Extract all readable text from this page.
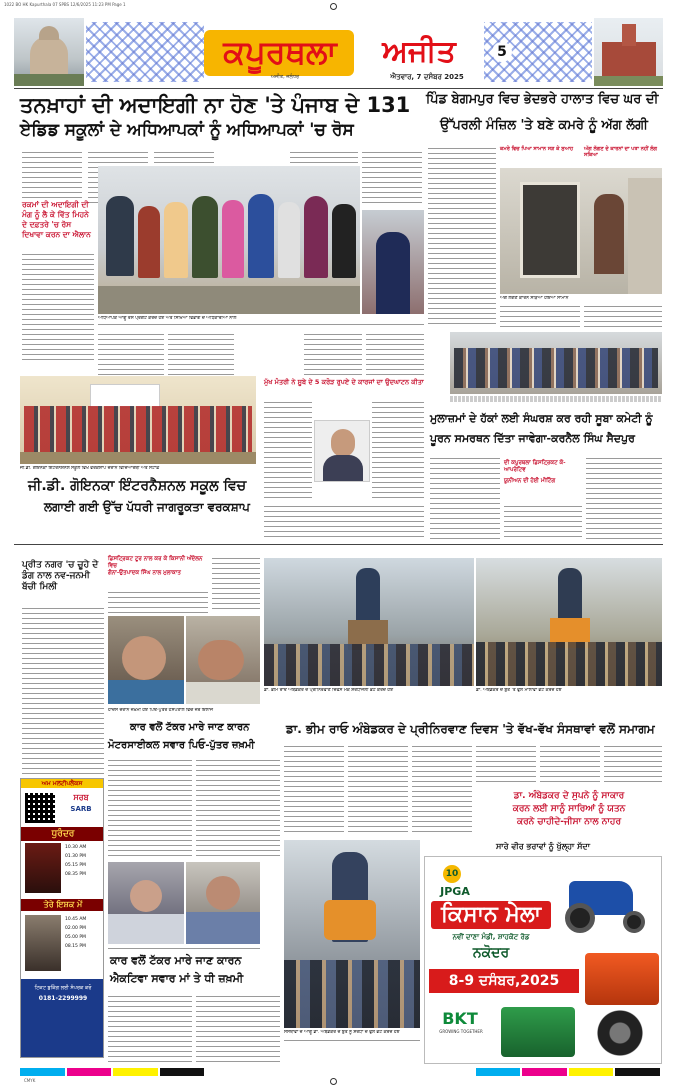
1022 BO HK Kapurthala 07 SPBS 12/6/2025 11:23 PM Page 1
ਕਪੂਰਥਲਾ	ਅਜੀਤ
ਅਜੀਤ, ਜਲੰਧਰ	ਐਤਵਾਰ, 7 ਦਸੰਬਰ 2025
5
ਤਨਖ਼ਾਹਾਂ ਦੀ ਅਦਾਇਗੀ ਨਾ ਹੋਣ 'ਤੇ ਪੰਜਾਬ ਦੇ 131
ਏਡਿਡ ਸਕੂਲਾਂ ਦੇ ਅਧਿਆਪਕਾਂ ਨੂੰ ਅਧਿਆਪਕਾਂ 'ਚ ਰੋਸ
ਰਕਮਾਂ ਦੀ ਅਦਾਇਗੀ ਦੀ ਮੰਗ ਨੂੰ ਲੈ ਕੇ ਵਿੱਤ ਮਿਹਨੇ ਦੇ ਦਫ਼ਤਰੇ 'ਚ ਰੋਸ ਦਿਖਾਵਾ ਕਰਨ ਦਾ ਐਲਾਨ
ਅਧਿਆਪਕ ਆਗੂ ਰੋਸ ਪ੍ਰਗਟ ਕਰਦੇ ਹੋਏ ਅਤੇ ਸਿੱਖਿਆ ਵਿਭਾਗ ਦੇ ਅਧਿਕਾਰੀਆਂ ਨਾਲ
ਜੀ.ਡੀ. ਗੋਇਨਕਾ ਇੰਟਰਨੈਸ਼ਨਲ ਸਕੂਲ ਵਿਖੇ ਵਰਕਸ਼ਾਪ ਦੌਰਾਨ ਵਿਦਿਆਰਥੀ ਅਤੇ ਸਟਾਫ਼
ਮੁੱਖ ਮੰਤਰੀ ਨੇ ਸੂਬੇ ਦੇ 5 ਕਰੋੜ ਰੁਪਏ ਦੇ ਕਾਰਜਾਂ ਦਾ ਉਦਘਾਟਨ ਕੀਤਾ
ਜੀ.ਡੀ. ਗੋਇਨਕਾ ਇੰਟਰਨੈਸ਼ਨਲ ਸਕੂਲ ਵਿਚ
ਲਗਾਈ ਗਈ ਉੱਚ ਪੱਧਰੀ ਜਾਗਰੂਕਤਾ ਵਰਕਸ਼ਾਪ
ਪਿੰਡ ਬੇਗਮਪੁਰ ਵਿਚ ਭੇਦਭਰੇ ਹਾਲਾਤ ਵਿਚ ਘਰ ਦੀ
ਉੱਪਰਲੀ ਮੰਜ਼ਿਲ 'ਤੇ ਬਣੇ ਕਮਰੇ ਨੂੰ ਅੱਗ ਲੱਗੀ
ਕਮਰੇ ਵਿਚ ਪਿਆ ਸਾਮਾਨ ਸੜ ਕੇ ਸੁਆਹ	ਅੱਗ ਲੱਗਣ ਦੇ ਕਾਰਨਾਂ ਦਾ ਪਤਾ ਨਹੀਂ ਲੱਗ ਸਕਿਆ
ਅੱਗ ਲੱਗਣ ਕਾਰਨ ਸੜਿਆ ਹੋਇਆ ਸਾਮਾਨ
ਮੁਲਾਜ਼ਮਾਂ ਦੇ ਹੱਕਾਂ ਲਈ ਸੰਘਰਸ਼ ਕਰ ਰਹੀ ਸੂਬਾ ਕਮੇਟੀ ਨੂੰ
ਪੂਰਨ ਸਮਰਥਨ ਦਿੱਤਾ ਜਾਵੇਗਾ-ਕਰਨੈਲ ਸਿੰਘ ਸੈਦਪੁਰ
ਦੀ ਕਪੂਰਥਲਾ ਡਿਸਟ੍ਰਿਕਟ ਕੋ-ਆਪਰੇਟਿਵ
ਯੂਨੀਅਨ ਦੀ ਹੋਈ ਮੀਟਿੰਗ
ਪ੍ਰੀਤ ਨਗਰ 'ਚ ਚੂਹੇ ਦੇ ਡੰਗ ਨਾਲ ਨਵ-ਜਨਮੀ ਬੱਚੀ ਮਿਲੀ
ਡਿਸਟ੍ਰਿਕਟ ਟੂਰ ਨਾਲ ਕਰ ਕੇ ਕਿਸਾਨੀ ਅੰਦੋਲਨ ਵਿਚ
ਗੰਨਾ-ਉਤਪਾਦਕ ਸਿੰਘ ਨਾਲ ਮੁਲਾਕਾਤ
ਹਾਦਸੇ ਦੌਰਾਨ ਜ਼ਖ਼ਮੀ ਹੋਏ ਪਿਓ-ਪੁੱਤਰ ਹਸਪਤਾਲ ਵਿਚ ਜ਼ੇਰੇ ਇਲਾਜ
ਕਾਰ ਵਲੋਂ ਟੱਕਰ ਮਾਰੇ ਜਾਣ ਕਾਰਨ
ਮੋਟਰਸਾਈਕਲ ਸਵਾਰ ਪਿਓ-ਪੁੱਤਰ ਜ਼ਖ਼ਮੀ
ਅਮ ਮਲਟੀਪਲੈਕਸ
ਸਰਬ
SARB
ਧੁਰੰਦਰ
10.30 AM
01.30 PM
05.15 PM
08.35 PM
ਤੇਰੇ ਇਸ਼ਕ ਮੇਂ
10.45 AM
02.00 PM
05.00 PM
08.15 PM
ਟਿਕਟ ਬੁਕਿੰਗ ਲਈ ਸੰਪਰਕ ਕਰੋ
0181-2299999
ਕਾਰ ਵਲੋਂ ਟੱਕਰ ਮਾਰੇ ਜਾਣ ਕਾਰਨ
ਐਕਟਿਵਾ ਸਵਾਰ ਮਾਂ ਤੇ ਧੀ ਜ਼ਖ਼ਮੀ
ਡਾ. ਭੀਮ ਰਾਓ ਅੰਬੇਡਕਰ ਦੇ ਪ੍ਰੀਨਿਰਵਾਣ ਦਿਵਸ ਮੌਕੇ ਸ਼ਰਧਾਂਜਲੀ ਭੇਟ ਕਰਦੇ ਹੋਏ	ਡਾ. ਅੰਬੇਡਕਰ ਦੇ ਬੁੱਤ 'ਤੇ ਫੁੱਲ ਮਾਲਾਵਾਂ ਭੇਟ ਕਰਦੇ ਹੋਏ
ਡਾ. ਭੀਮ ਰਾਓ ਅੰਬੇਡਕਰ ਦੇ ਪ੍ਰੀਨਿਰਵਾਣ ਦਿਵਸ 'ਤੇ ਵੱਖ-ਵੱਖ ਸੰਸਥਾਵਾਂ ਵਲੋਂ ਸਮਾਗਮ
ਡਾ. ਅੰਬੇਡਕਰ ਦੇ ਸੁਪਨੇ ਨੂੰ ਸਾਕਾਰ
ਕਰਨ ਲਈ ਸਾਨੂੰ ਸਾਰਿਆਂ ਨੂੰ ਯਤਨ
ਕਰਨੇ ਚਾਹੀਦੇ-ਜੀਸਾ ਨਾਲ ਨਾਹਰ
ਸੰਸਥਾਵਾਂ ਦੇ ਆਗੂ ਡਾ. ਅੰਬੇਡਕਰ ਦੇ ਬੁੱਤ ਨੂੰ ਸ਼ਰਧਾ ਦੇ ਫੁੱਲ ਭੇਟ ਕਰਦੇ ਹੋਏ
ਸਾਰੇ ਵੀਰ ਭਰਾਵਾਂ ਨੂੰ ਖੁੱਲ੍ਹਾ ਸੱਦਾ
10
JPGA
ਕਿਸਾਨ ਮੇਲਾ
ਨਵੀਂ ਦਾਣਾ ਮੰਡੀ, ਸ਼ਾਹਕੋਟ ਰੋਡ
ਨਕੋਦਰ
8-9 ਦਸੰਬਰ,2025
BKT
GROWING TOGETHER
CMYK
